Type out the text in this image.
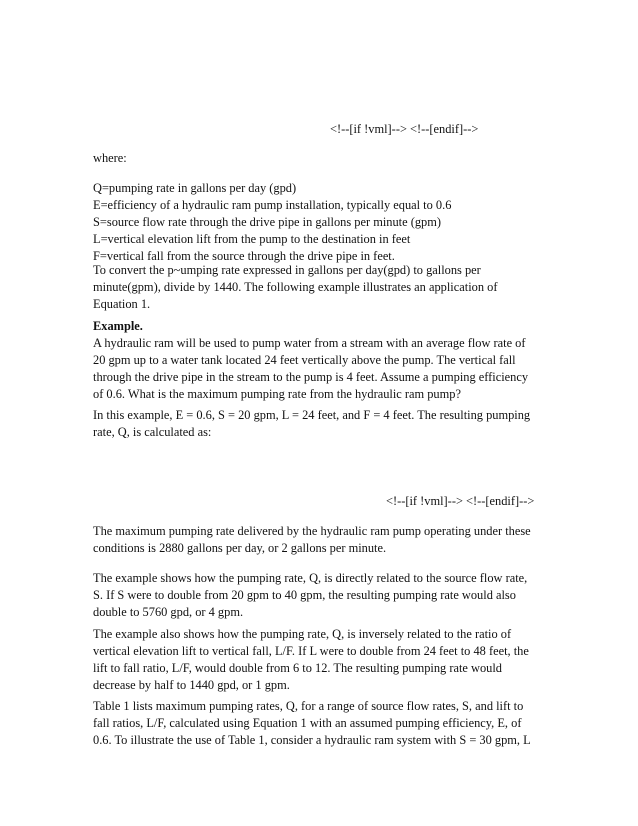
<!--[if !vml]--> <!--[endif]-->
where:
Q=pumping rate in gallons per day (gpd)
E=efficiency of a hydraulic ram pump installation, typically equal to 0.6
S=source flow rate through the drive pipe in gallons per minute (gpm)
L=vertical elevation lift from the pump to the destination in feet
F=vertical fall from the source through the drive pipe in feet.
To convert the p~umping rate expressed in gallons per day(gpd) to gallons per
minute(gpm), divide by 1440. The following example illustrates an application of
Equation 1.
Example.
A hydraulic ram will be used to pump water from a stream with an average flow rate of
20 gpm up to a water tank located 24 feet vertically above the pump. The vertical fall
through the drive pipe in the stream to the pump is 4 feet. Assume a pumping efficiency
of 0.6. What is the maximum pumping rate from the hydraulic ram pump?
In this example, E = 0.6, S = 20 gpm, L = 24 feet, and F = 4 feet. The resulting pumping
rate, Q, is calculated as:
<!--[if !vml]--> <!--[endif]-->
The maximum pumping rate delivered by the hydraulic ram pump operating under these
conditions is 2880 gallons per day, or 2 gallons per minute.
The example shows how the pumping rate, Q, is directly related to the source flow rate,
S. If S were to double from 20 gpm to 40 gpm, the resulting pumping rate would also
double to 5760 gpd, or 4 gpm.
The example also shows how the pumping rate, Q, is inversely related to the ratio of
vertical elevation lift to vertical fall, L/F. If L were to double from 24 feet to 48 feet, the
lift to fall ratio, L/F, would double from 6 to 12. The resulting pumping rate would
decrease by half to 1440 gpd, or 1 gpm.
Table 1 lists maximum pumping rates, Q, for a range of source flow rates, S, and lift to
fall ratios, L/F, calculated using Equation 1 with an assumed pumping efficiency, E, of
0.6. To illustrate the use of Table 1, consider a hydraulic ram system with S = 30 gpm, L
